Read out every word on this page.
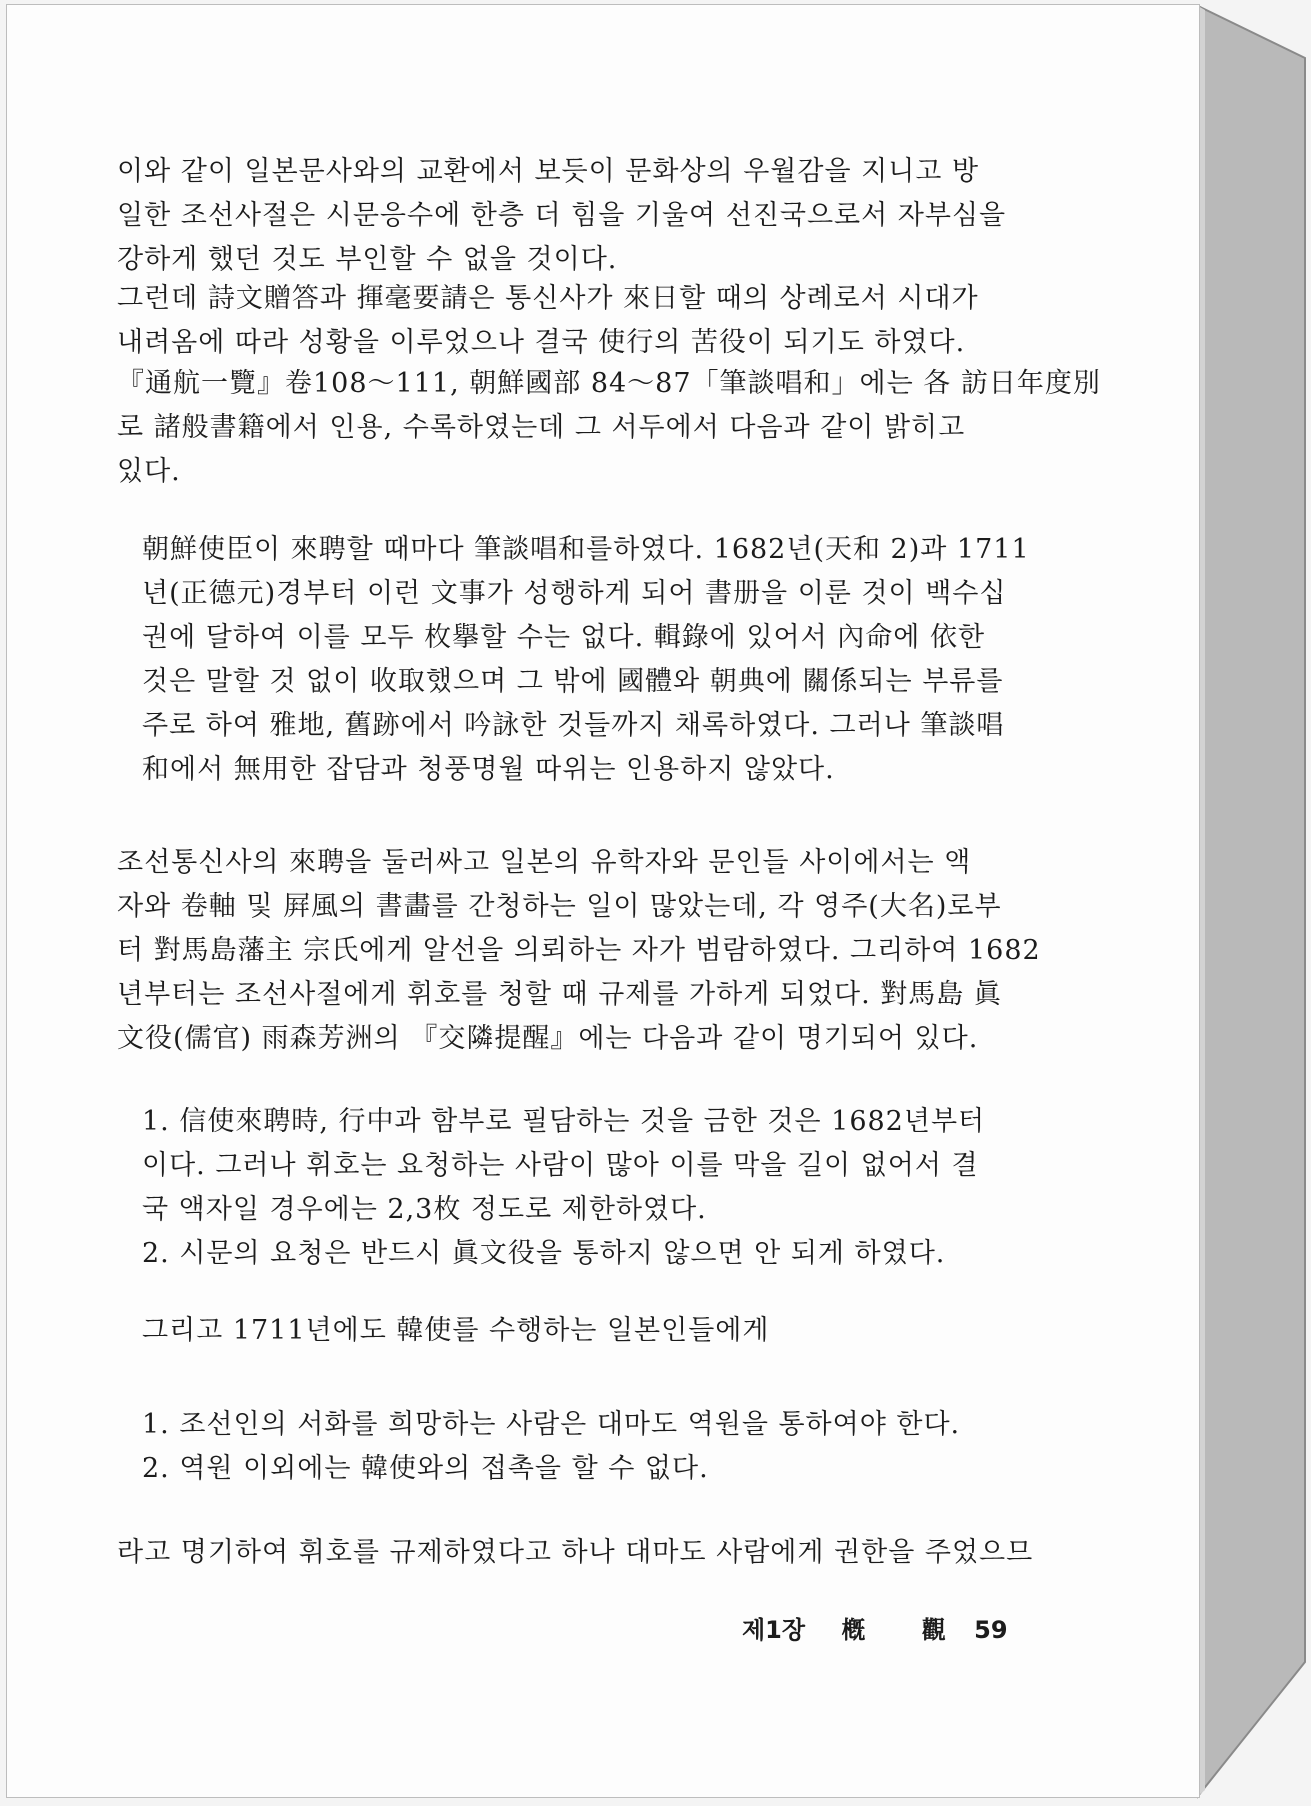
이와 같이 일본문사와의 교환에서 보듯이 문화상의 우월감을 지니고 방
일한 조선사절은 시문응수에 한층 더 힘을 기울여 선진국으로서 자부심을
강하게 했던 것도 부인할 수 없을 것이다.

그런데 詩文贈答과 揮毫要請은 통신사가 來日할 때의 상례로서 시대가
내려옴에 따라 성황을 이루었으나 결국 使行의 苦役이 되기도 하였다.

『通航一覽』卷108～111, 朝鮮國部 84～87「筆談唱和」에는 各 訪日年度別
로 諸般書籍에서 인용, 수록하였는데 그 서두에서 다음과 같이 밝히고
있다.

朝鮮使臣이 來聘할 때마다 筆談唱和를하였다. 1682년(天和 2)과 1711
년(正德元)경부터 이런 文事가 성행하게 되어 書册을 이룬 것이 백수십
권에 달하여 이를 모두 枚擧할 수는 없다. 輯錄에 있어서 內命에 依한
것은 말할 것 없이 收取했으며 그 밖에 國體와 朝典에 關係되는 부류를
주로 하여 雅地, 舊跡에서 吟詠한 것들까지 채록하였다. 그러나 筆談唱
和에서 無用한 잡담과 청풍명월 따위는 인용하지 않았다.

조선통신사의 來聘을 둘러싸고 일본의 유학자와 문인들 사이에서는 액
자와 卷軸 및 屛風의 書畵를 간청하는 일이 많았는데, 각 영주(大名)로부
터 對馬島藩主 宗氏에게 알선을 의뢰하는 자가 범람하였다. 그리하여 1682
년부터는 조선사절에게 휘호를 청할 때 규제를 가하게 되었다. 對馬島 眞
文役(儒官) 雨森芳洲의 『交隣提醒』에는 다음과 같이 명기되어 있다.

1. 信使來聘時, 行中과 함부로 필담하는 것을 금한 것은 1682년부터
이다. 그러나 휘호는 요청하는 사람이 많아 이를 막을 길이 없어서 결
국 액자일 경우에는 2,3枚 정도로 제한하였다.
2. 시문의 요청은 반드시 眞文役을 통하지 않으면 안 되게 하였다.

그리고 1711년에도 韓使를 수행하는 일본인들에게

1. 조선인의 서화를 희망하는 사람은 대마도 역원을 통하여야 한다.
2. 역원 이외에는 韓使와의 접촉을 할 수 없다.

라고 명기하여 휘호를 규제하였다고 하나 대마도 사람에게 권한을 주었으므

제1장 槪 觀 59
